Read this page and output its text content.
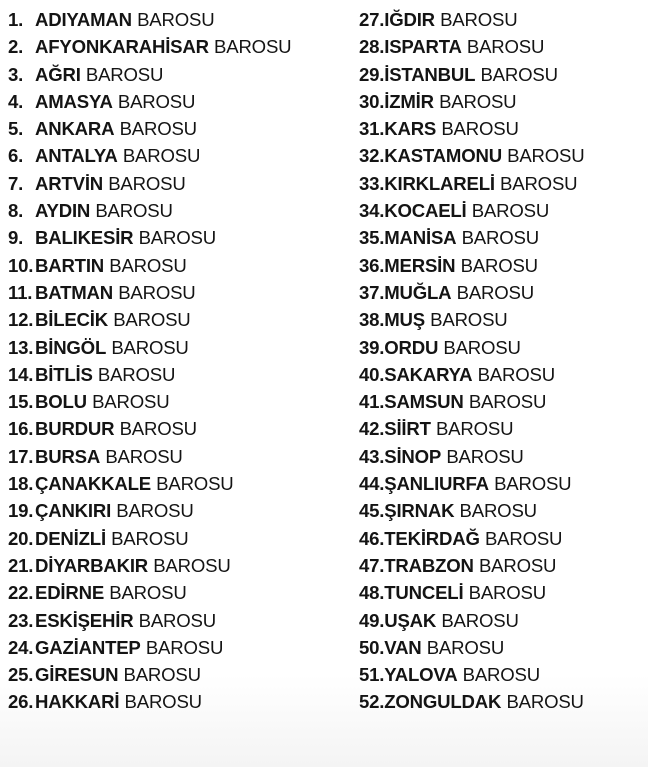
1. ADIYAMAN BAROSU
2. AFYONKARAHİSAR BAROSU
3. AĞRI BAROSU
4. AMASYA BAROSU
5. ANKARA BAROSU
6. ANTALYA BAROSU
7. ARTVİN BAROSU
8. AYDIN BAROSU
9. BALIKESİR BAROSU
10.BARTIN BAROSU
11. BATMAN BAROSU
12.BİLECİK BAROSU
13.BİNGÖL BAROSU
14.BİTLİS BAROSU
15.BOLU BAROSU
16.BURDUR BAROSU
17.BURSA BAROSU
18.ÇANAKKALE BAROSU
19.ÇANKIRI BAROSU
20.DENİZLİ BAROSU
21.DİYARBAKIR BAROSU
22.EDİRNE BAROSU
23.ESKİŞEHİR BAROSU
24.GAZİANTEP BAROSU
25.GİRESUN BAROSU
26.HAKKARİ BAROSU
27.IĞDIR BAROSU
28.ISPARTA BAROSU
29.İSTANBUL BAROSU
30.İZMİR BAROSU
31.KARS BAROSU
32.KASTAMONU BAROSU
33.KIRKLARELİ BAROSU
34.KOCAELİ BAROSU
35.MANİSA BAROSU
36.MERSİN BAROSU
37.MUĞLA BAROSU
38.MUŞ BAROSU
39.ORDU BAROSU
40.SAKARYA BAROSU
41.SAMSUN BAROSU
42.SİİRT BAROSU
43.SİNOP BAROSU
44.ŞANLIURFA BAROSU
45.ŞIRNAK BAROSU
46.TEKİRDAĞ BAROSU
47.TRABZON BAROSU
48.TUNCELİ BAROSU
49.UŞAK BAROSU
50.VAN BAROSU
51.YALOVA BAROSU
52.ZONGULDAK BAROSU
